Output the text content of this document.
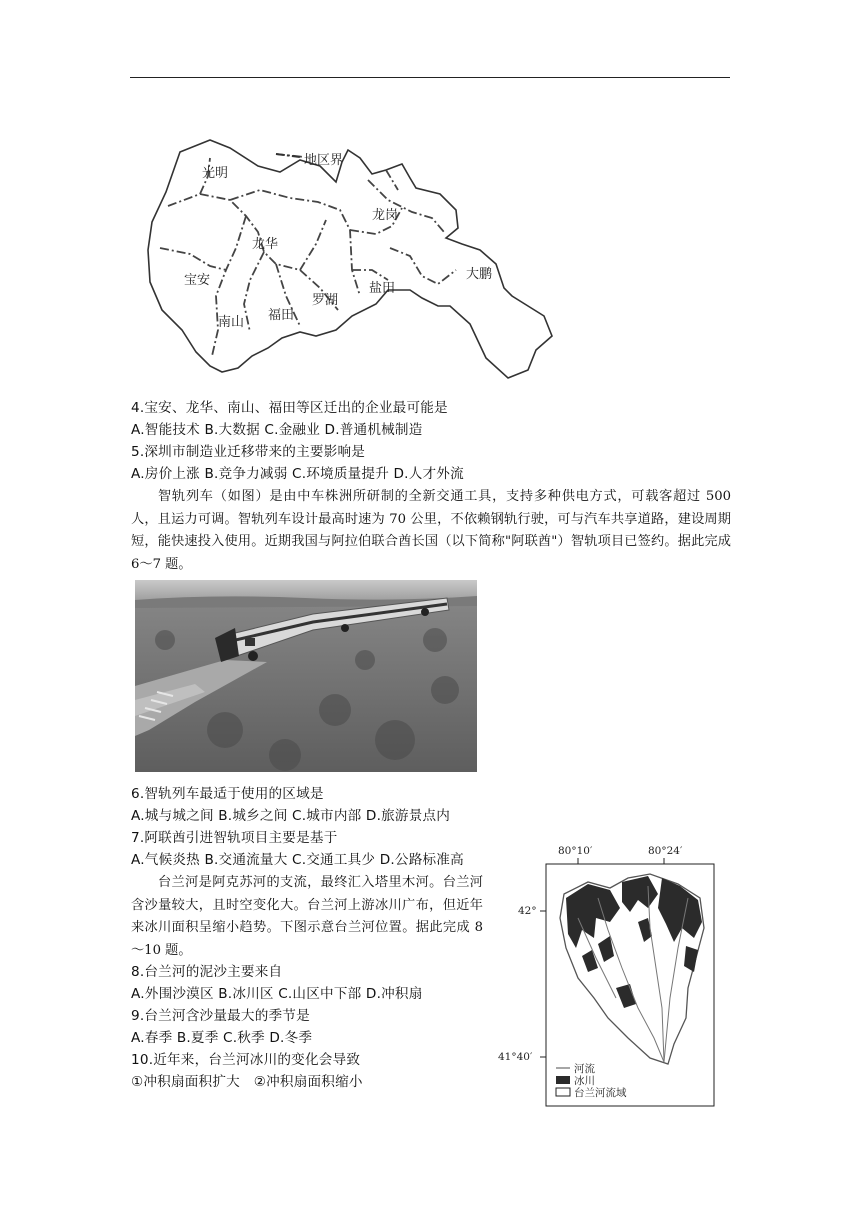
地区界
光明
龙岗
龙华
宝安	大鹏
盐田
罗湖
南山 福田
4.宝安、龙华、南山、福田等区迁出的企业最可能是
A.智能技术 B.大数据 C.金融业 D.普通机械制造
5.深圳市制造业迁移带来的主要影响是
A.房价上涨 B.竞争力减弱 C.环境质量提升 D.人才外流

智轨列车（如图）是由中车株洲所研制的全新交通工具，支持多种供电方式，可载客超过 500 人，且运力可调。智轨列车设计最高时速为 70 公里，不依赖钢轨行驶，可与汽车共享道路，建设周期短，能快速投入使用。近期我国与阿拉伯联合酋长国（以下简称"阿联酋"）智轨项目已签约。据此完成 6～7 题。

6.智轨列车最适于使用的区域是
A.城与城之间 B.城乡之间 C.城市内部 D.旅游景点内
7.阿联酋引进智轨项目主要是基于
A.气候炎热 B.交通流量大 C.交通工具少 D.公路标准高

台兰河是阿克苏河的支流，最终汇入塔里木河。台兰河含沙量较大，且时空变化大。台兰河上游冰川广布，但近年来冰川面积呈缩小趋势。下图示意台兰河位置。据此完成 8～10 题。

8.台兰河的泥沙主要来自
A.外围沙漠区 B.冰川区 C.山区中下部 D.冲积扇
9.台兰河含沙量最大的季节是
A.春季 B.夏季 C.秋季 D.冬季
10.近年来，台兰河冰川的变化会导致
①冲积扇面积扩大　②冲积扇面积缩小
80°10′	80°24′
42°
41°40′
河流
冰川
台兰河流域
